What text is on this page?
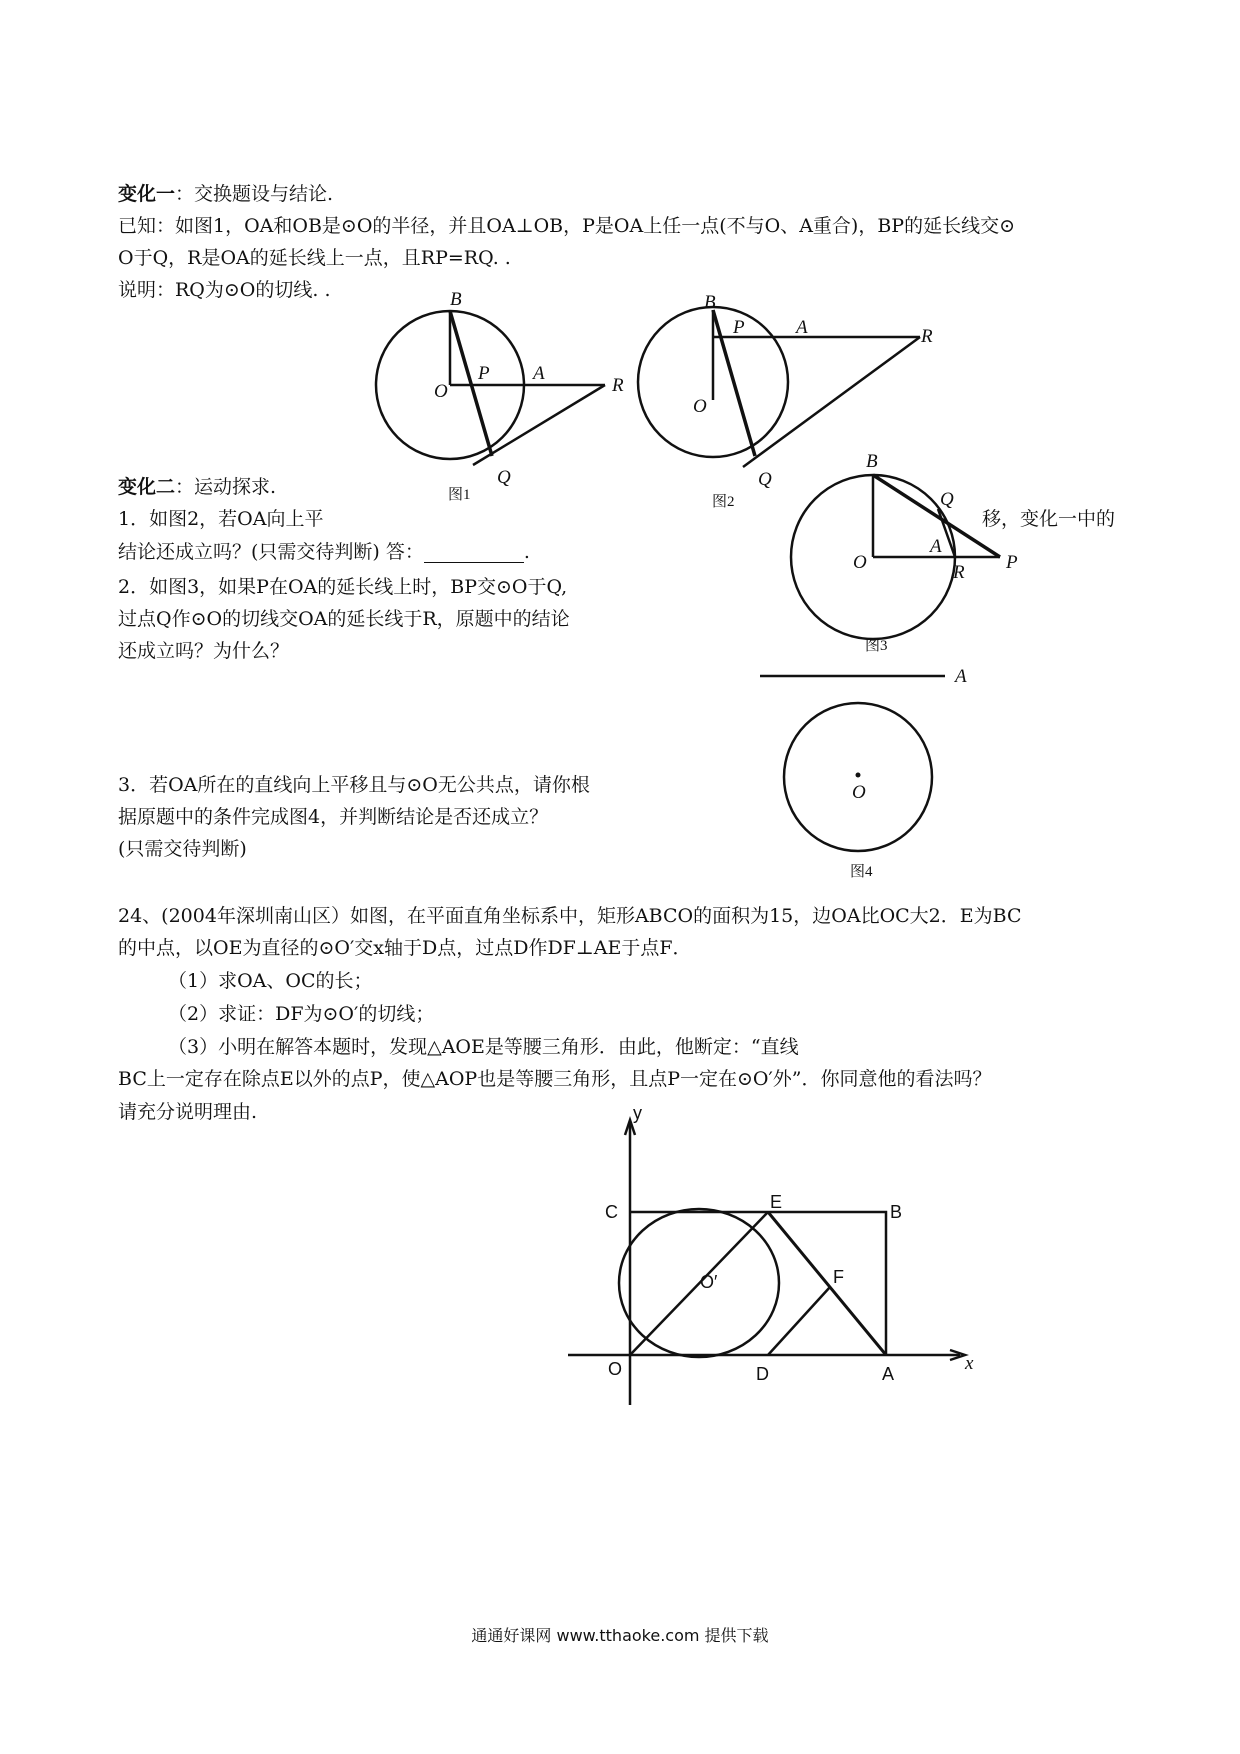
变化一：交换题设与结论.
已知：如图1，OA和OB是⊙O的半径，并且OA⊥OB，P是OA上任一点(不与O、A重合)，BP的延长线交⊙
O于Q，R是OA的延长线上一点，且RP=RQ. .
说明：RQ为⊙O的切线. .	B
O
P A
R
Q
图1
B
O
P	A	R
Q
图2
变化二：运动探求.
1．如图2，若OA向上平	移，变化一中的
结论还成立吗？(只需交待判断) 答：	.
2．如图3，如果P在OA的延长线上时，BP交⊙O于Q,
过点Q作⊙O的切线交OA的延长线于R，原题中的结论
还成立吗？为什么？
B
O
Q
A
R P
图3
A
O
图4
3．若OA所在的直线向上平移且与⊙O无公共点，请你根
据原题中的条件完成图4，并判断结论是否还成立？
(只需交待判断)
24、(2004年深圳南山区）如图，在平面直角坐标系中，矩形ABCO的面积为15，边OA比OC大2．E为BC
的中点，以OE为直径的⊙O′交x轴于D点，过点D作DF⊥AE于点F．
（1）求OA、OC的长；
（2）求证：DF为⊙O′的切线；
（3）小明在解答本题时，发现△AOE是等腰三角形．由此，他断定：“直线
BC上一定存在除点E以外的点P，使△AOP也是等腰三角形，且点P一定在⊙O′外”．你同意他的看法吗？
请充分说明理由.	y
x
C	E	B
O′	F
O	D	A
通通好课网 www.tthaoke.com 提供下载
